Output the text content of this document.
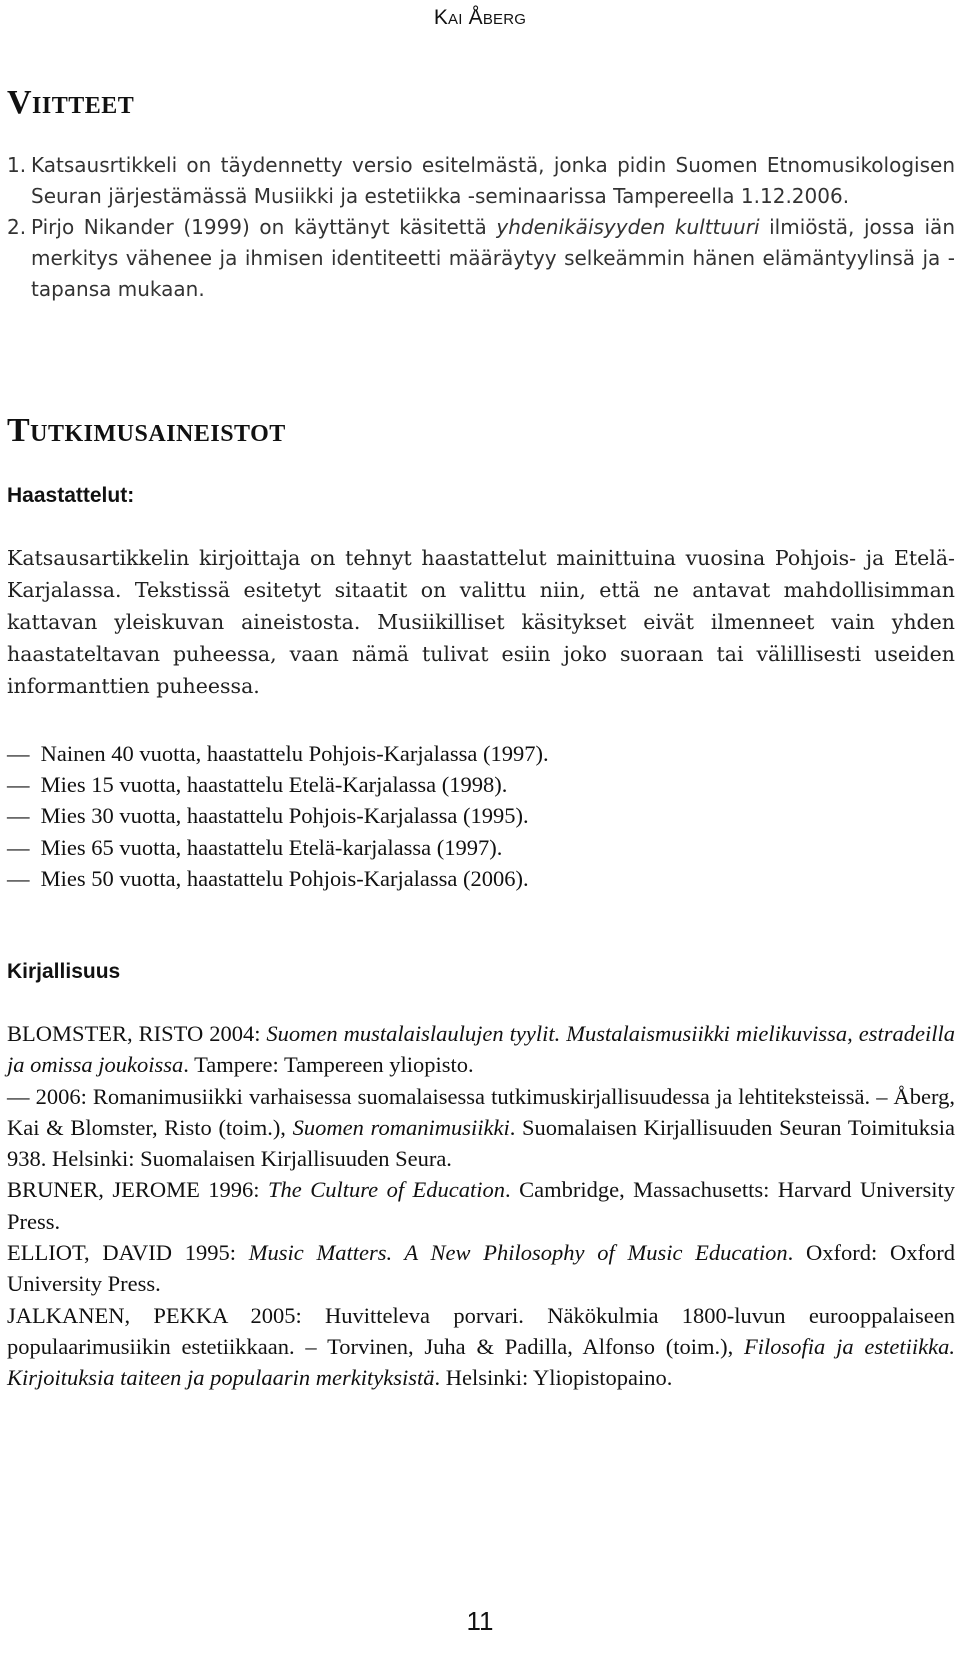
Kai Åberg
Viitteet
1. Katsausrtikkeli on täydennetty versio esitelmästä, jonka pidin Suomen Etnomusikologisen Seuran järjestämässä Musiikki ja estetiikka -seminaarissa Tampereella 1.12.2006.
2. Pirjo Nikander (1999) on käyttänyt käsitettä yhdenikäisyyden kulttuuri ilmiöstä, jossa iän merkitys vähenee ja ihmisen identiteetti määräytyy selkeämmin hänen elämäntyylinsä ja -tapansa mukaan.
Tutkimusaineistot
Haastattelut:
Katsausartikkelin kirjoittaja on tehnyt haastattelut mainittuina vuosina Pohjois- ja Etelä-Karjalassa. Tekstissä esitetyt sitaatit on valittu niin, että ne antavat mahdollisimman kattavan yleiskuvan aineistosta. Musiikilliset käsitykset eivät ilmenneet vain yhden haastateltavan puheessa, vaan nämä tulivat esiin joko suoraan tai välillisesti useiden informanttien puheessa.
— Nainen 40 vuotta, haastattelu Pohjois-Karjalassa (1997).
— Mies 15 vuotta, haastattelu Etelä-Karjalassa (1998).
— Mies 30 vuotta, haastattelu Pohjois-Karjalassa (1995).
— Mies 65 vuotta, haastattelu Etelä-karjalassa (1997).
— Mies 50 vuotta, haastattelu Pohjois-Karjalassa (2006).
Kirjallisuus

BLOMSTER, RISTO 2004: Suomen mustalaislaulujen tyylit. Mustalaismusiikki mielikuvissa, estradeilla ja omissa joukoissa. Tampere: Tampereen yliopisto.

— 2006: Romanimusiikki varhaisessa suomalaisessa tutkimuskirjallisuudessa ja lehtiteksteissä. – Åberg, Kai & Blomster, Risto (toim.), Suomen romanimusiikki. Suomalaisen Kirjallisuuden Seuran Toimituksia 938. Helsinki: Suomalaisen Kirjallisuuden Seura.

BRUNER, JEROME 1996: The Culture of Education. Cambridge, Massachusetts: Harvard University Press.

ELLIOT, DAVID 1995: Music Matters. A New Philosophy of Music Education. Oxford: Oxford University Press.

JALKANEN, PEKKA 2005: Huvitteleva porvari. Näkökulmia 1800-luvun eurooppalaiseen populaarimusiikin estetiikkaan. – Torvinen, Juha & Padilla, Alfonso (toim.), Filosofia ja estetiikka. Kirjoituksia taiteen ja populaarin merkityksistä. Helsinki: Yliopistopaino.

11
